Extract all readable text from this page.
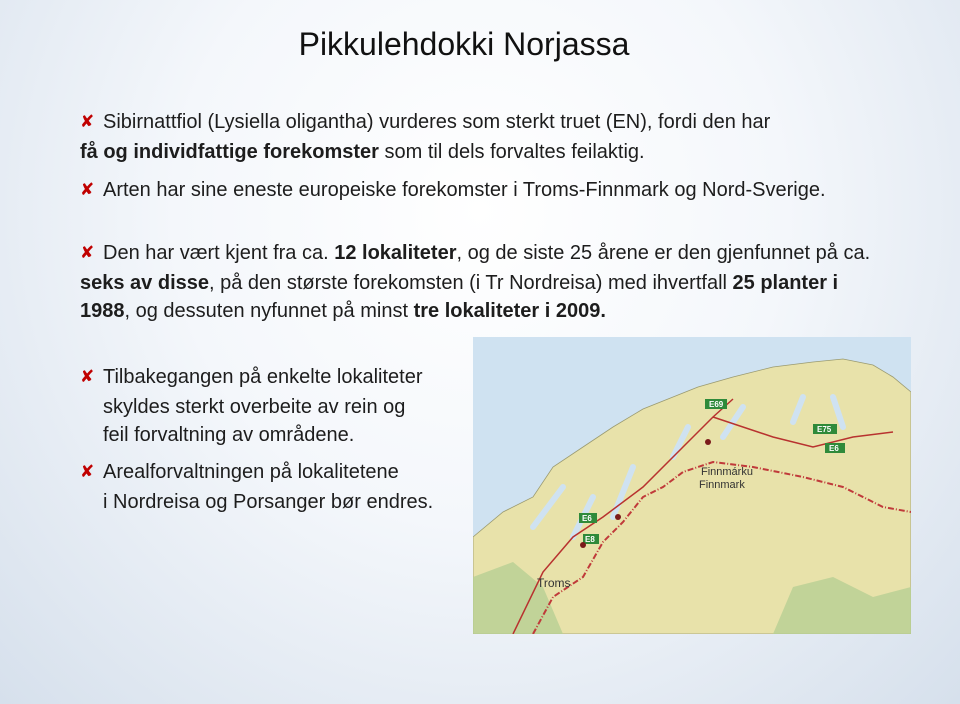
Pikkulehdokki Norjassa
✘ Sibirnattfiol (Lysiella oligantha) vurderes som sterkt truet (EN), fordi den har
få og individfattige forekomster som til dels forvaltes feilaktig.
✘ Arten har sine eneste europeiske forekomster i Troms-Finnmark og Nord-Sverige.
✘ Den har vært kjent fra ca. 12 lokaliteter, og de siste 25 årene er den gjenfunnet på ca. seks av disse, på den største forekomsten (i Tr Nordreisa) med ihvertfall 25 planter i 1988, og dessuten nyfunnet på minst tre lokaliteter i 2009.
✘ Tilbakegangen på enkelte lokaliteter
skyldes sterkt overbeite av rein og
feil forvaltning av områdene.
✘ Arealforvaltningen på lokalitetene
i Nordreisa og Porsanger bør endres.
E69
E75
E6
E8
E6
Finnmárku
Finnmark
Troms
